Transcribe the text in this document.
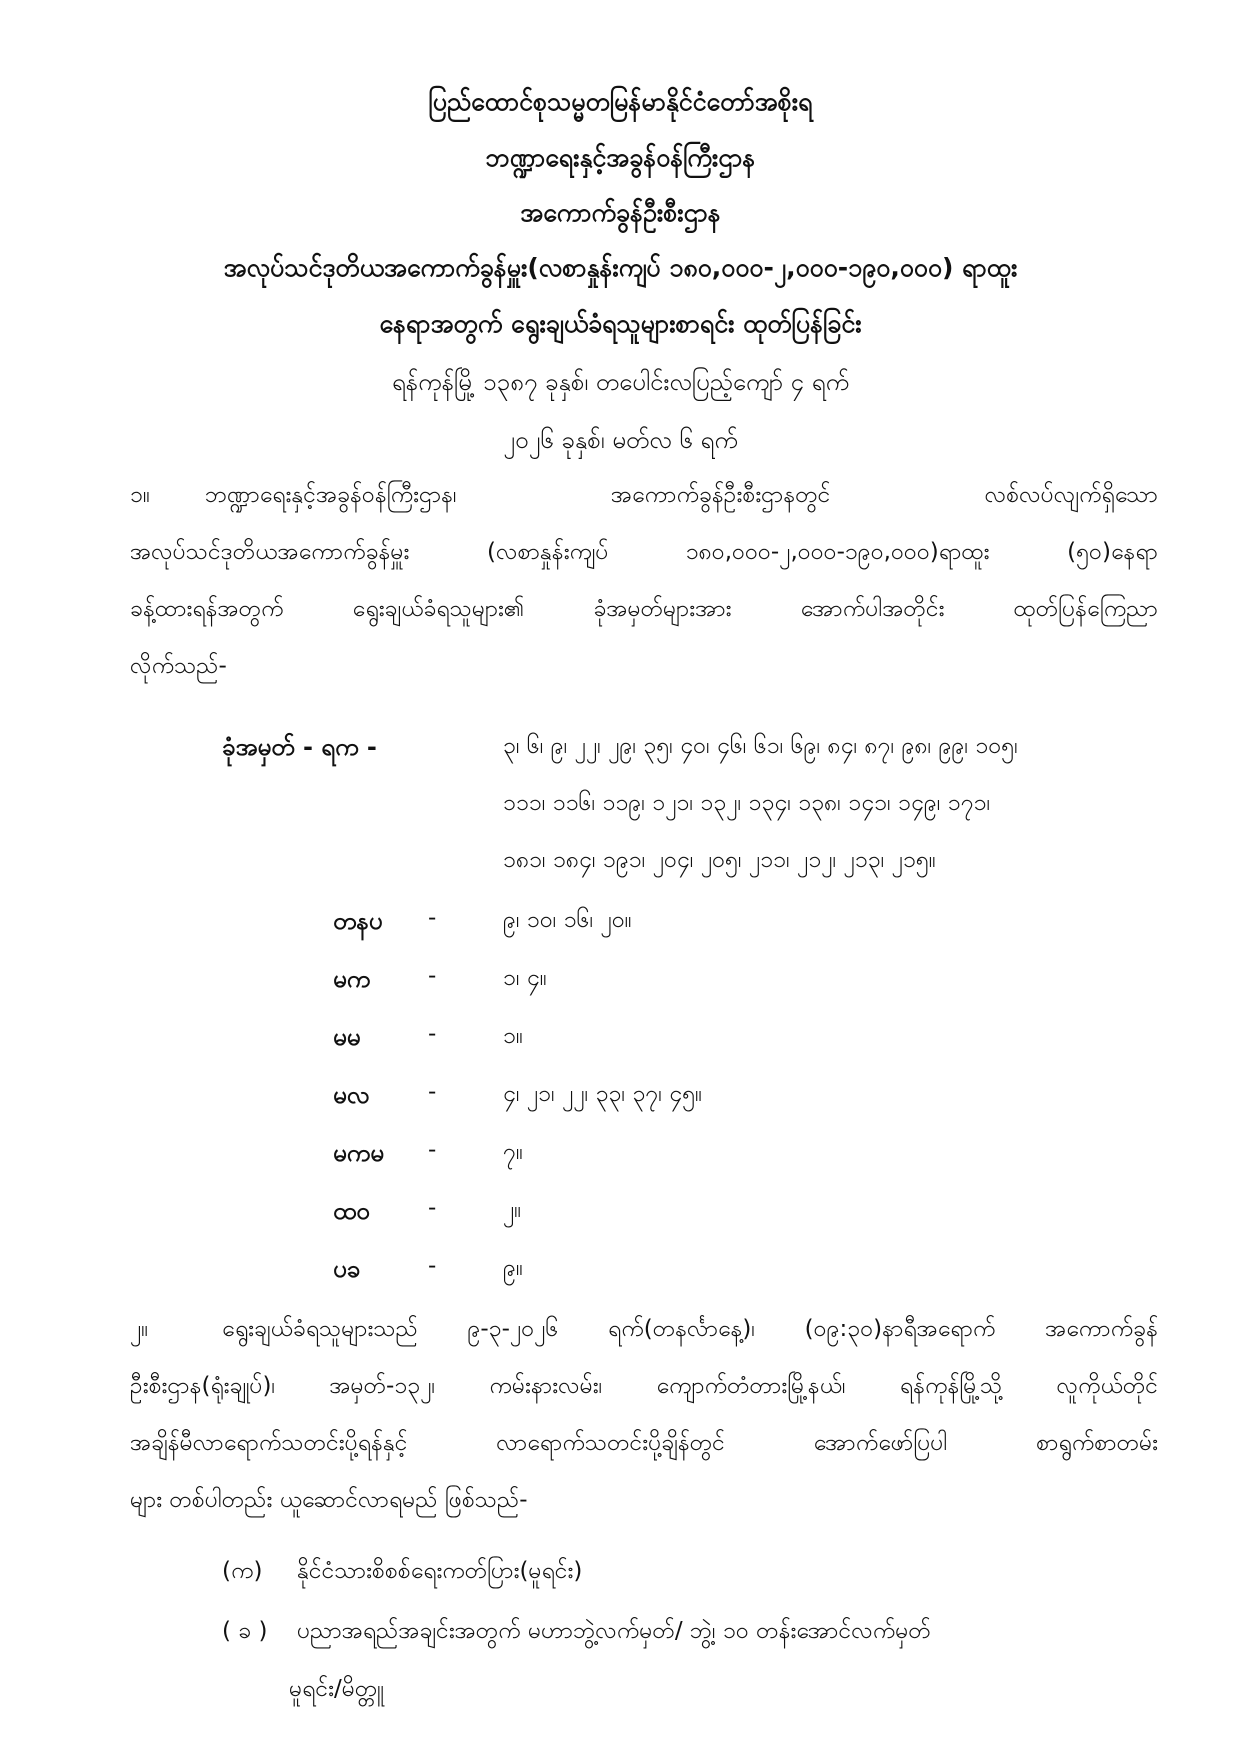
ပြည်ထောင်စုသမ္မတမြန်မာနိုင်ငံတော်အစိုးရ
ဘဏ္ဍာရေးနှင့်အခွန်ဝန်ကြီးဌာန
အကောက်ခွန်ဦးစီးဌာန
အလုပ်သင်ဒုတိယအကောက်ခွန်မှူး(လစာနှုန်းကျပ် ၁၈၀,၀၀၀-၂,၀၀၀-၁၉၀,၀၀၀) ရာထူး
နေရာအတွက် ရွေးချယ်ခံရသူများစာရင်း ထုတ်ပြန်ခြင်း
ရန်ကုန်မြို့ ၁၃၈၇ ခုနှစ်၊ တပေါင်းလပြည့်ကျော် ၄ ရက်
၂၀၂၆ ခုနှစ်၊ မတ်လ ၆ ရက်
၁။ ဘဏ္ဍာရေးနှင့်အခွန်ဝန်ကြီးဌာန၊ အကောက်ခွန်ဦးစီးဌာနတွင် လစ်လပ်လျက်ရှိသော
အလုပ်သင်ဒုတိယအကောက်ခွန်မှူး (လစာနှုန်းကျပ် ၁၈၀,၀၀၀-၂,၀၀၀-၁၉၀,၀၀၀)ရာထူး (၅၀)နေရာ
ခန့်ထားရန်အတွက် ရွေးချယ်ခံရသူများ၏ ခုံအမှတ်များအား အောက်ပါအတိုင်း ထုတ်ပြန်ကြေညာ
လိုက်သည်-
ခုံအမှတ် - ရက -	၃၊ ၆၊ ၉၊ ၂၂၊ ၂၉၊ ၃၅၊ ၄၀၊ ၄၆၊ ၆၁၊ ၆၉၊ ၈၄၊ ၈၇၊ ၉၈၊ ၉၉၊ ၁၀၅၊
၁၁၁၊ ၁၁၆၊ ၁၁၉၊ ၁၂၁၊ ၁၃၂၊ ၁၃၄၊ ၁၃၈၊ ၁၄၁၊ ၁၄၉၊ ၁၇၁၊
၁၈၁၊ ၁၈၄၊ ၁၉၁၊ ၂၀၄၊ ၂၀၅၊ ၂၁၁၊ ၂၁၂၊ ၂၁၃၊ ၂၁၅။
တနပ -	၉၊ ၁၀၊ ၁၆၊ ၂၀။
မက	-	၁၊ ၄။
မမ	-	၁။
မလ	-	၄၊ ၂၁၊ ၂၂၊ ၃၃၊ ၃၇၊ ၄၅။
မကမ -	၇။
ထဝ	-	၂။
ပခ	-	၉။
၂။	ရွေးချယ်ခံရသူများသည် ၉-၃-၂၀၂၆ ရက်(တနင်္လာနေ့)၊ (၀၉:၃၀)နာရီအရောက် အကောက်ခွန်
ဦးစီးဌာန(ရုံးချုပ်)၊ အမှတ်-၁၃၂၊ ကမ်းနားလမ်း၊ ကျောက်တံတားမြို့နယ်၊ ရန်ကုန်မြို့သို့ လူကိုယ်တိုင်
အချိန်မီလာရောက်သတင်းပို့ရန်နှင့် လာရောက်သတင်းပို့ချိန်တွင် အောက်ဖော်ပြပါ စာရွက်စာတမ်း
များ တစ်ပါတည်း ယူဆောင်လာရမည် ဖြစ်သည်-
(က) နိုင်ငံသားစိစစ်ရေးကတ်ပြား(မူရင်း)
( ခ ) ပညာအရည်အချင်းအတွက် မဟာဘွဲ့လက်မှတ်/ ဘွဲ့၊ ၁၀ တန်းအောင်လက်မှတ်
မူရင်း/မိတ္တူ
